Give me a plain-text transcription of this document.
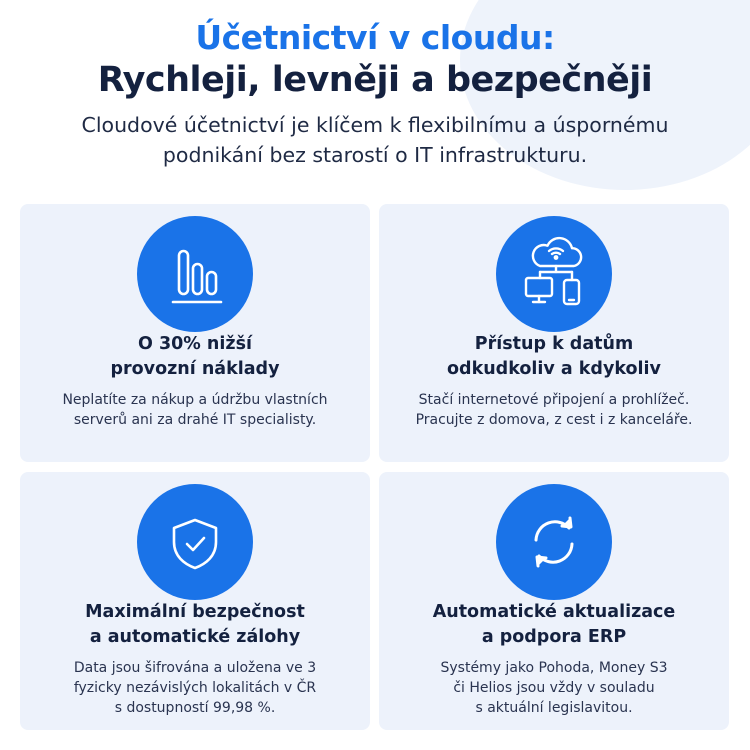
Účetnictví v cloudu:
Rychleji, levněji a bezpečněji
Cloudové účetnictví je klíčem k flexibilnímu a úspornému
podnikání bez starostí o IT infrastrukturu.
O 30% nižší
provozní náklady
Neplatíte za nákup a údržbu vlastních
serverů ani za drahé IT specialisty.
Přístup k datům
odkudkoliv a kdykoliv
Stačí internetové připojení a prohlížeč.
Pracujte z domova, z cest i z kanceláře.
Maximální bezpečnost
a automatické zálohy
Data jsou šifrována a uložena ve 3
fyzicky nezávislých lokalitách v ČR
s dostupností 99,98 %.
Automatické aktualizace
a podpora ERP
Systémy jako Pohoda, Money S3
či Helios jsou vždy v souladu
s aktuální legislavitou.
